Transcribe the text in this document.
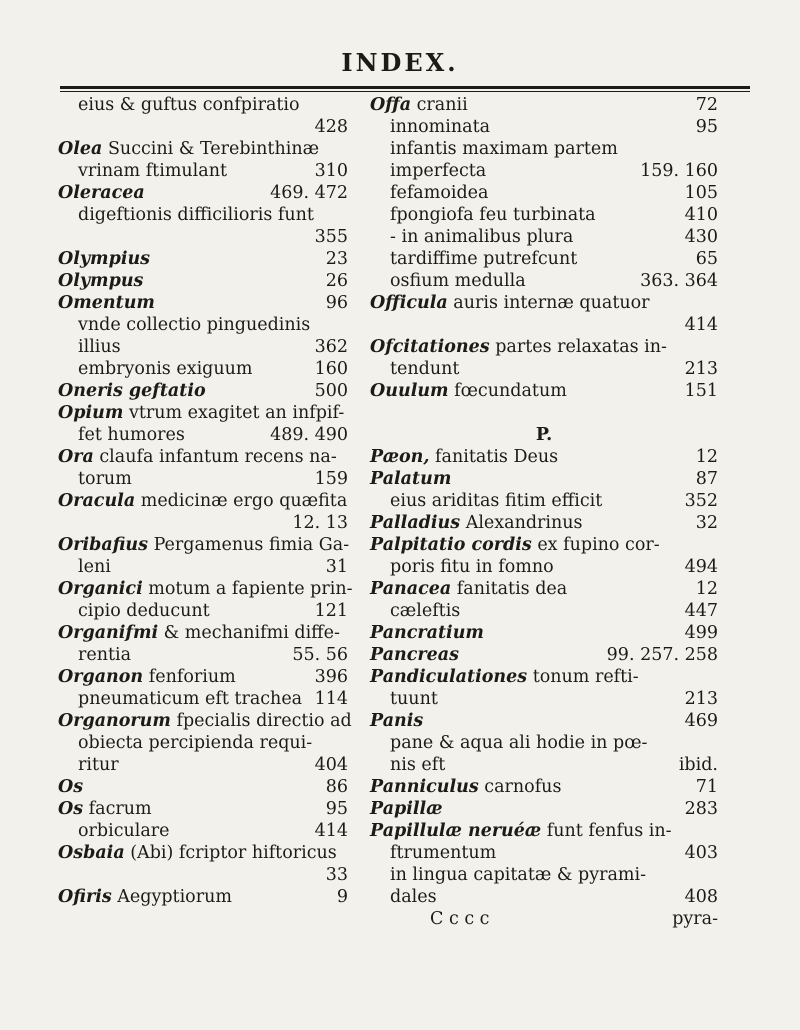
INDEX.
eius & guftus confpiratio
428
Olea Succini & Terebinthinæ
vrinam ftimulant	310
Oleracea	469. 472
digeftionis difficilioris funt
355
Olympius	23
Olympus	26
Omentum	96
vnde collectio pinguedinis
illius	362
embryonis exiguum	160
Oneris geftatio	500
Opium vtrum exagitet an infpif-
fet humores	489. 490
Ora claufa infantum recens na-
torum	159
Oracula medicinæ ergo quæfita
12. 13
Oribafius Pergamenus fimia Ga-
leni	31
Organici motum a fapiente prin-
cipio deducunt	121
Organifmi & mechanifmi diffe-
rentia	55. 56
Organon fenforium	396
pneumaticum eft trachea 114
Organorum fpecialis directio ad
obiecta percipienda requi-
ritur	404
Os	86
Os facrum	95
orbiculare	414
Osbaia (Abi) fcriptor hiftoricus
33
Ofiris Aegyptiorum	9
Offa cranii	72
innominata	95
infantis maximam partem
imperfecta	159. 160
fefamoidea	105
fpongiofa feu turbinata	410
- in animalibus plura	430
tardiffime putrefcunt	65
osfium medulla	363. 364
Officula auris internæ quatuor
414
Ofcitationes partes relaxatas in-
tendunt	213
Ouulum fœcundatum	151
P.
Pæon, fanitatis Deus	12
Palatum	87
eius ariditas fitim efficit	352
Palladius Alexandrinus	32
Palpitatio cordis ex fupino cor-
poris fitu in fomno	494
Panacea fanitatis dea	12
cæleftis	447
Pancratium	499
Pancreas	99. 257. 258
Pandiculationes tonum refti-
tuunt	213
Panis	469
pane & aqua ali hodie in pœ-
nis eft	ibid.
Panniculus carnofus	71
Papillæ	283
Papillulæ neruéæ funt fenfus in-
ftrumentum	403
in lingua capitatæ & pyrami-
dales	408
C c c c	pyra-
